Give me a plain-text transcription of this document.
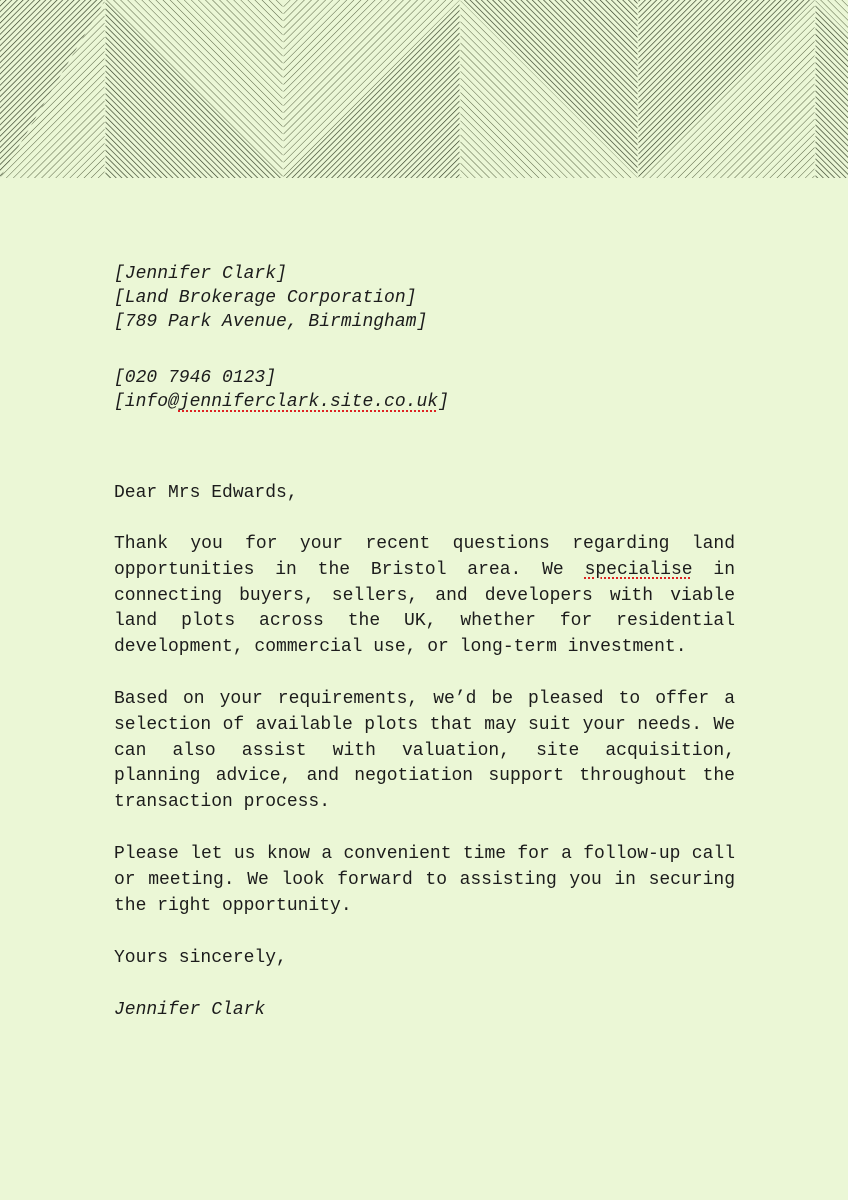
[Jennifer Clark]

[Land Brokerage Corporation]

[789 Park Avenue, Birmingham]

[020 7946 0123]

[info@jenniferclark.site.co.uk]

Dear Mrs Edwards,
Thank you for your recent questions regarding land opportunities in the Bristol area. We specialise in connecting buyers, sellers, and developers with viable land plots across the UK, whether for residential development, commercial use, or long-term investment.
Based on your requirements, we’d be pleased to offer a selection of available plots that may suit your needs. We can also assist with valuation, site acquisition, planning advice, and negotiation support throughout the transaction process.
Please let us know a convenient time for a follow-up call or meeting. We look forward to assisting you in securing the right opportunity.
Yours sincerely,
Jennifer Clark
